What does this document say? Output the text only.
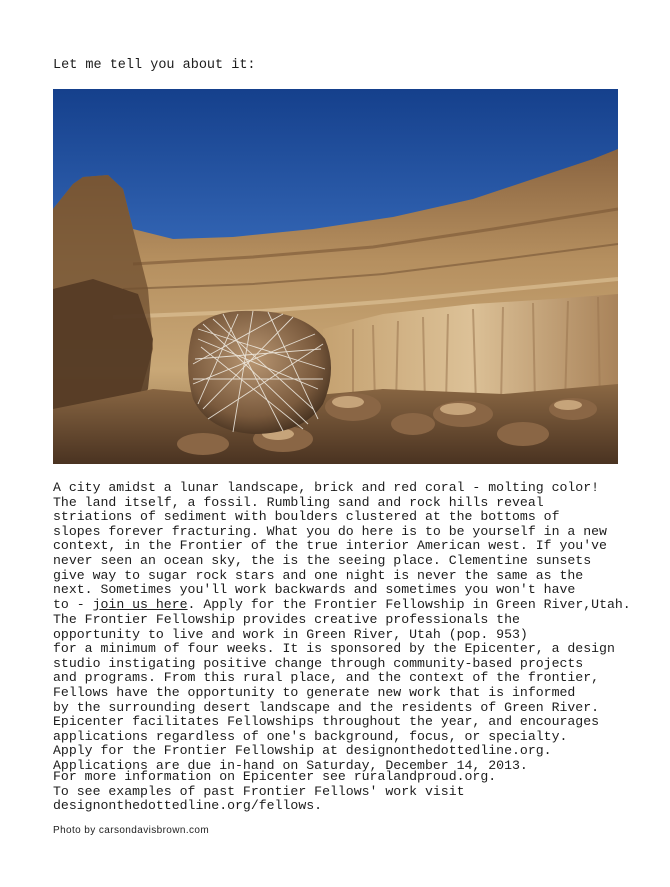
Let me tell you about it:

A city amidst a lunar landscape, brick and red coral - molting color!
The land itself, a fossil. Rumbling sand and rock hills reveal
striations of sediment with boulders clustered at the bottoms of
slopes forever fracturing. What you do here is to be yourself in a new
context, in the Frontier of the true interior American west. If you've
never seen an ocean sky, the is the seeing place. Clementine sunsets
give way to sugar rock stars and one night is never the same as the
next. Sometimes you'll work backwards and sometimes you won't have
to - join us here. Apply for the Frontier Fellowship in Green River,Utah.

The Frontier Fellowship provides creative professionals the
opportunity to live and work in Green River, Utah (pop. 953)
for a minimum of four weeks. It is sponsored by the Epicenter, a design
studio instigating positive change through community-based projects
and programs. From this rural place, and the context of the frontier,
Fellows have the opportunity to generate new work that is informed
by the surrounding desert landscape and the residents of Green River.
Epicenter facilitates Fellowships throughout the year, and encourages
applications regardless of one's background, focus, or specialty.
Apply for the Frontier Fellowship at designonthedottedline.org.
Applications are due in-hand on Saturday, December 14, 2013.

For more information on Epicenter see ruralandproud.org.
To see examples of past Frontier Fellows' work visit
designonthedottedline.org/fellows.

Photo by carsondavisbrown.com
